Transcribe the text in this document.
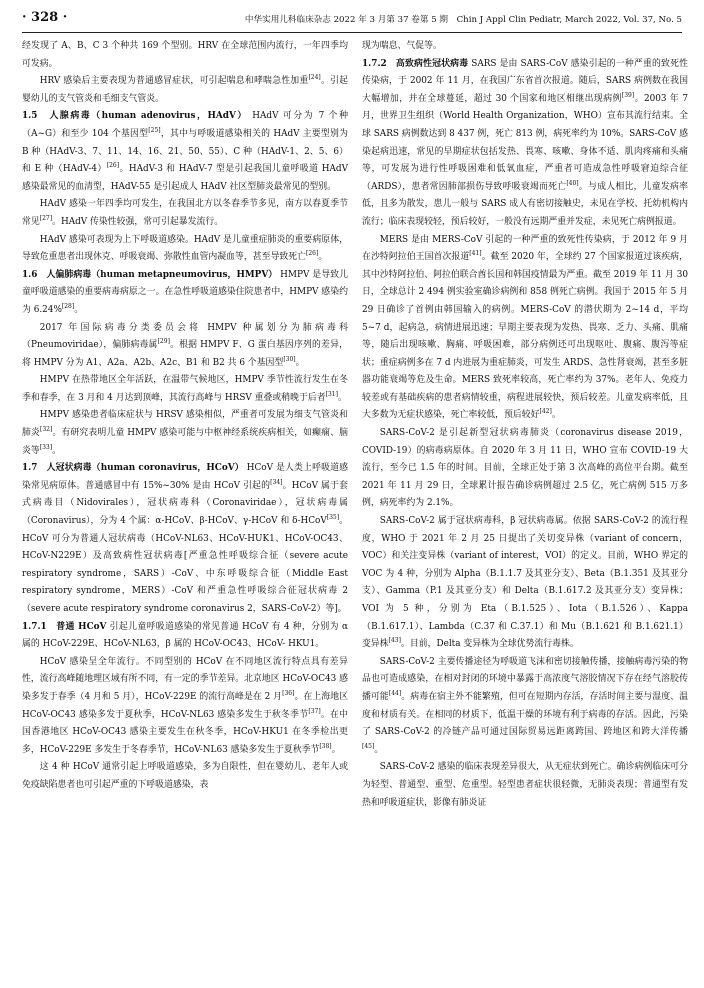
· 328 ·	中华实用儿科临床杂志 2022 年 3 月第 37 卷第 5 期　Chin J Appl Clin Pediatr, March 2022, Vol. 37, No. 5

经发现了 A、B、C 3 个种共 169 个型别。HRV 在全球范围内流行，一年四季均可发病。

HRV 感染后主要表现为普通感冒症状，可引起喘息和哮喘急性加重[24]。引起婴幼儿的支气管炎和毛细支气管炎。

1.5　人腺病毒（human adenovirus，HAdV） HAdV 可分为 7 个种（A~G）和至少 104 个基因型[25]，其中与呼吸道感染相关的 HAdV 主要型别为 B 种（HAdV-3、7、11、14、16、21、50、55）、C 种（HAdV-1、2、5、6）和 E 种（HAdV-4）[26]。HAdV-3 和 HAdV-7 型是引起我国儿童呼吸道 HAdV 感染最常见的血清型，HAdV-55 是引起成人 HAdV 社区型肺炎最常见的型别。

HAdV 感染一年四季均可发生，在我国北方以冬春季节多见，南方以春夏季节常见[27]。HAdV 传染性较强，常可引起暴发流行。

HAdV 感染可表现为上下呼吸道感染。HAdV 是儿童重症肺炎的重要病原体，导致危重患者出现休克、呼吸衰竭、弥散性血管内凝血等，甚至导致死亡[26]。

1.6　人偏肺病毒（human metapneumovirus，HMPV） HMPV 是导致儿童呼吸道感染的重要病毒病原之一。在急性呼吸道感染住院患者中，HMPV 感染约为 6.24%[28]。

2017 年国际病毒分类委员会将 HMPV 种属划分为肺病毒科（Pneumoviridae），偏肺病毒属[29]。根据 HMPV F、G 蛋白基因序列的差异，将 HMPV 分为 A1、A2a、A2b、A2c、B1 和 B2 共 6 个基因型[30]。

HMPV 在热带地区全年活跃，在温带气候地区，HMPV 季节性流行发生在冬季和春季，在 3 月和 4 月达到顶峰，其流行高峰与 HRSV 重叠或稍晚于后者[31]。

HMPV 感染患者临床症状与 HRSV 感染相似，严重者可发展为细支气管炎和肺炎[32]。有研究表明儿童 HMPV 感染可能与中枢神经系统疾病相关，如癫痫、脑炎等[33]。

1.7　人冠状病毒（human coronavirus，HCoV） HCoV 是人类上呼吸道感染常见病原体。普通感冒中有 15%~30% 是由 HCoV 引起的[34]。HCoV 属于套式病毒目（Nidovirales），冠状病毒科（Coronaviridae），冠状病毒属（Coronavirus），分为 4 个属：α-HCoV、β-HCoV、γ-HCoV 和 δ-HCoV[35]。HCoV 可分为普通人冠状病毒（HCoV-NL63、HCoV-HUK1、HCoV-OC43、HCoV-N229E）及高致病性冠状病毒[严重急性呼吸综合征（severe acute respiratory syndrome，SARS）-CoV、中东呼吸综合征（Middle East respiratory syndrome，MERS）-CoV 和严重急性呼吸综合征冠状病毒 2（severe acute respiratory syndrome coronavirus 2，SARS-CoV-2）等]。

1.7.1　普通 HCoV 引起儿童呼吸道感染的常见普通 HCoV 有 4 种，分别为 α 属的 HCoV-229E、HCoV-NL63，β 属的 HCoV-OC43、HCoV- HKU1。

HCoV 感染呈全年流行。不同型别的 HCoV 在不同地区流行特点具有差异性，流行高峰随地理区域有所不同，有一定的季节差异。北京地区 HCoV-OC43 感染多发于春季（4 月和 5 月），HCoV-229E 的流行高峰是在 2 月[36]。在上海地区 HCoV-OC43 感染多发于夏秋季，HCoV-NL63 感染多发生于秋冬季节[37]。在中国香港地区 HCoV-OC43 感染主要发生在秋冬季，HCoV-HKU1 在冬季检出更多，HCoV-229E 多发生于冬春季节，HCoV-NL63 感染多发生于夏秋季节[38]。

这 4 种 HCoV 通常引起上呼吸道感染，多为自限性，但在婴幼儿、老年人或免疫缺陷患者也可引起严重的下呼吸道感染，表

现为喘息、气促等。

1.7.2　高致病性冠状病毒 SARS 是由 SARS-CoV 感染引起的一种严重的致死性传染病，于 2002 年 11 月，在我国广东省首次报道。随后，SARS 病例数在我国大幅增加，并在全球蔓延，超过 30 个国家和地区相继出现病例[39]。2003 年 7 月，世界卫生组织（World Health Organization，WHO）宣布其流行结束。全球 SARS 病例数达到 8 437 例，死亡 813 例，病死率约为 10%。SARS-CoV 感染起病迅速，常见的早期症状包括发热、畏寒、咳嗽、身体不适、肌肉疼痛和头痛等，可发展为进行性呼吸困难和低氧血症，严重者可造成急性呼吸窘迫综合征（ARDS），患者常因肺部损伤导致呼吸衰竭而死亡[40]。与成人相比，儿童发病率低，且多为散发，患儿一般与 SARS 成人有密切接触史，未见在学校、托幼机构内流行；临床表现较轻，预后较好，一般没有远期严重并发症，未见死亡病例报道。

MERS 是由 MERS-CoV 引起的一种严重的致死性传染病，于 2012 年 9 月在沙特阿拉伯王国首次报道[41]。截至 2020 年，全球约 27 个国家报道过该疾病，其中沙特阿拉伯、阿拉伯联合酋长国和韩国疫情最为严重。截至 2019 年 11 月 30 日，全球总计 2 494 例实验室确诊病例和 858 例死亡病例。我国于 2015 年 5 月 29 日确诊了首例由韩国输入的病例。MERS-CoV 的潜伏期为 2~14 d，平均 5~7 d，起病急，病情进展迅速；早期主要表现为发热、畏寒、乏力、头痛、肌痛等，随后出现咳嗽、胸痛、呼吸困难，部分病例还可出现呕吐、腹痛、腹泻等症状；重症病例多在 7 d 内进展为重症肺炎，可发生 ARDS、急性肾衰竭，甚至多脏器功能衰竭等危及生命。MERS 致死率较高，死亡率约为 37%。老年人、免疫力较差或有基础疾病的患者病情较重，病程进展较快，预后较差。儿童发病率低，且大多数为无症状感染，死亡率较低，预后较好[42]。

SARS-CoV-2 是引起新型冠状病毒肺炎（coronavirus disease 2019，COVID-19）的病毒病原体。自 2020 年 3 月 11 日，WHO 宣布 COVID-19 大流行，至今已 1.5 年的时间。目前，全球正处于第 3 次高峰的高位平台期。截至 2021 年 11 月 29 日，全球累计报告确诊病例超过 2.5 亿，死亡病例 515 万多例，病死率约为 2.1%。

SARS-CoV-2 属于冠状病毒科，β 冠状病毒属。依据 SARS-CoV-2 的流行程度，WHO 于 2021 年 2 月 25 日提出了关切变异株（variant of concern，VOC）和关注变异株（variant of interest，VOI）的定义。目前，WHO 界定的 VOC 为 4 种，分别为 Alpha（B.1.1.7 及其亚分支）、Beta（B.1.351 及其亚分支）、Gamma（P.1 及其亚分支）和 Delta（B.1.617.2 及其亚分支）变异株；VOI 为 5 种，分别为 Eta（B.1.525）、Iota（B.1.526）、Kappa（B.1.617.1）、Lambda（C.37 和 C.37.1）和 Mu（B.1.621 和 B.1.621.1）变异株[43]。目前，Delta 变异株为全球优势流行毒株。

SARS-CoV-2 主要传播途径为呼吸道飞沫和密切接触传播，接触病毒污染的物品也可造成感染，在相对封闭的环境中暴露于高浓度气溶胶情况下存在经气溶胶传播可能[44]。病毒在宿主外不能繁殖，但可在短期内存活，存活时间主要与湿度、温度和材质有关。在相同的材质下，低温干燥的环境有利于病毒的存活。因此，污染了 SARS-CoV-2 的冷链产品可通过国际贸易远距离跨国、跨地区和跨大洋传播[45]。

SARS-CoV-2 感染的临床表现差异很大，从无症状到死亡。确诊病例临床可分为轻型、普通型、重型、危重型。轻型患者症状很轻微，无肺炎表现；普通型有发热和呼吸道症状，影像有肺炎证
